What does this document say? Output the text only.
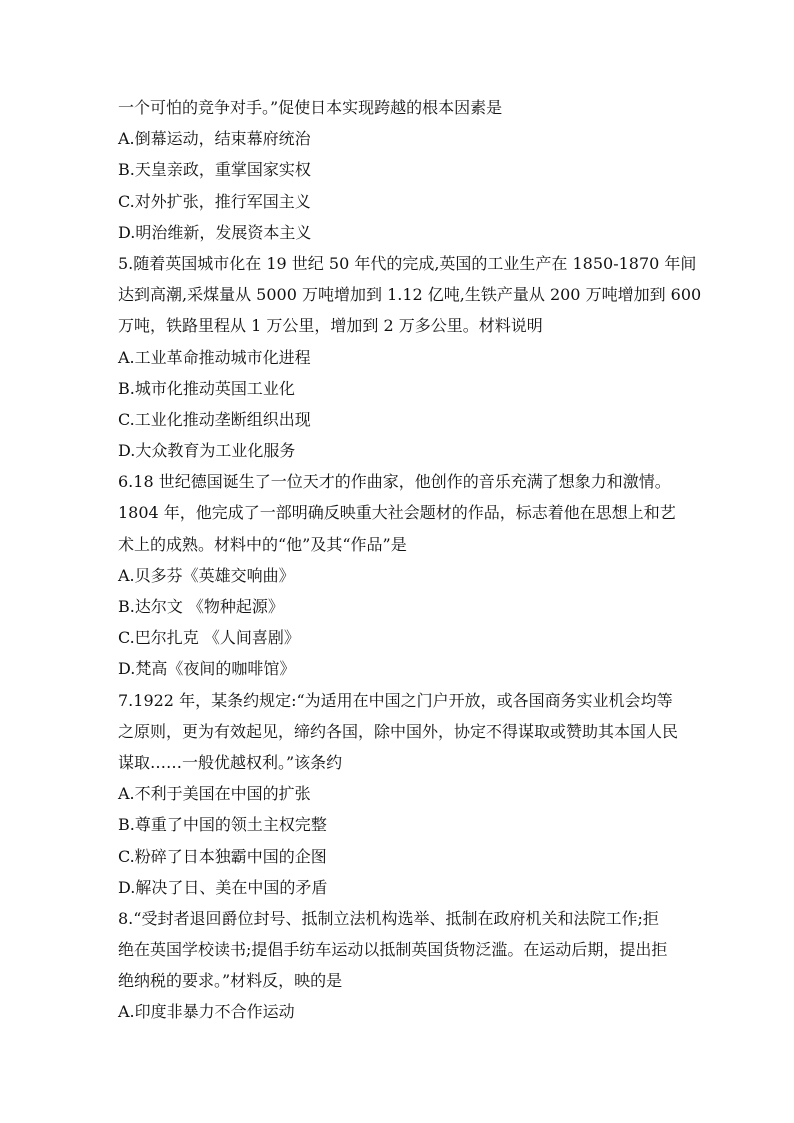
一个可怕的竞争对手。”促使日本实现跨越的根本因素是
A.倒幕运动，结束幕府统治
B.天皇亲政，重掌国家实权
C.对外扩张，推行军国主义
D.明治维新，发展资本主义
5.随着英国城市化在 19 世纪 50 年代的完成,英国的工业生产在 1850-1870 年间
达到高潮,采煤量从 5000 万吨增加到 1.12 亿吨,生铁产量从 200 万吨增加到 600
万吨，铁路里程从 1 万公里，增加到 2 万多公里。材料说明
A.工业革命推动城市化进程
B.城市化推动英国工业化
C.工业化推动垄断组织出现
D.大众教育为工业化服务
6.18 世纪德国诞生了一位天才的作曲家，他创作的音乐充满了想象力和激情。
1804 年，他完成了一部明确反映重大社会题材的作品，标志着他在思想上和艺
术上的成熟。材料中的“他”及其“作品”是
A.贝多芬《英雄交响曲》
B.达尔文 《物种起源》
C.巴尔扎克 《人间喜剧》
D.梵高《夜间的咖啡馆》
7.1922 年，某条约规定:“为适用在中国之门户开放，或各国商务实业机会均等
之原则，更为有效起见，缔约各国，除中国外，协定不得谋取或赞助其本国人民
谋取……一般优越权利。”该条约
A.不利于美国在中国的扩张
B.尊重了中国的领土主权完整
C.粉碎了日本独霸中国的企图
D.解决了日、美在中国的矛盾
8.“受封者退回爵位封号、抵制立法机构选举、抵制在政府机关和法院工作;拒
绝在英国学校读书;提倡手纺车运动以抵制英国货物泛滥。在运动后期，提出拒
绝纳税的要求。”材料反，映的是
A.印度非暴力不合作运动
